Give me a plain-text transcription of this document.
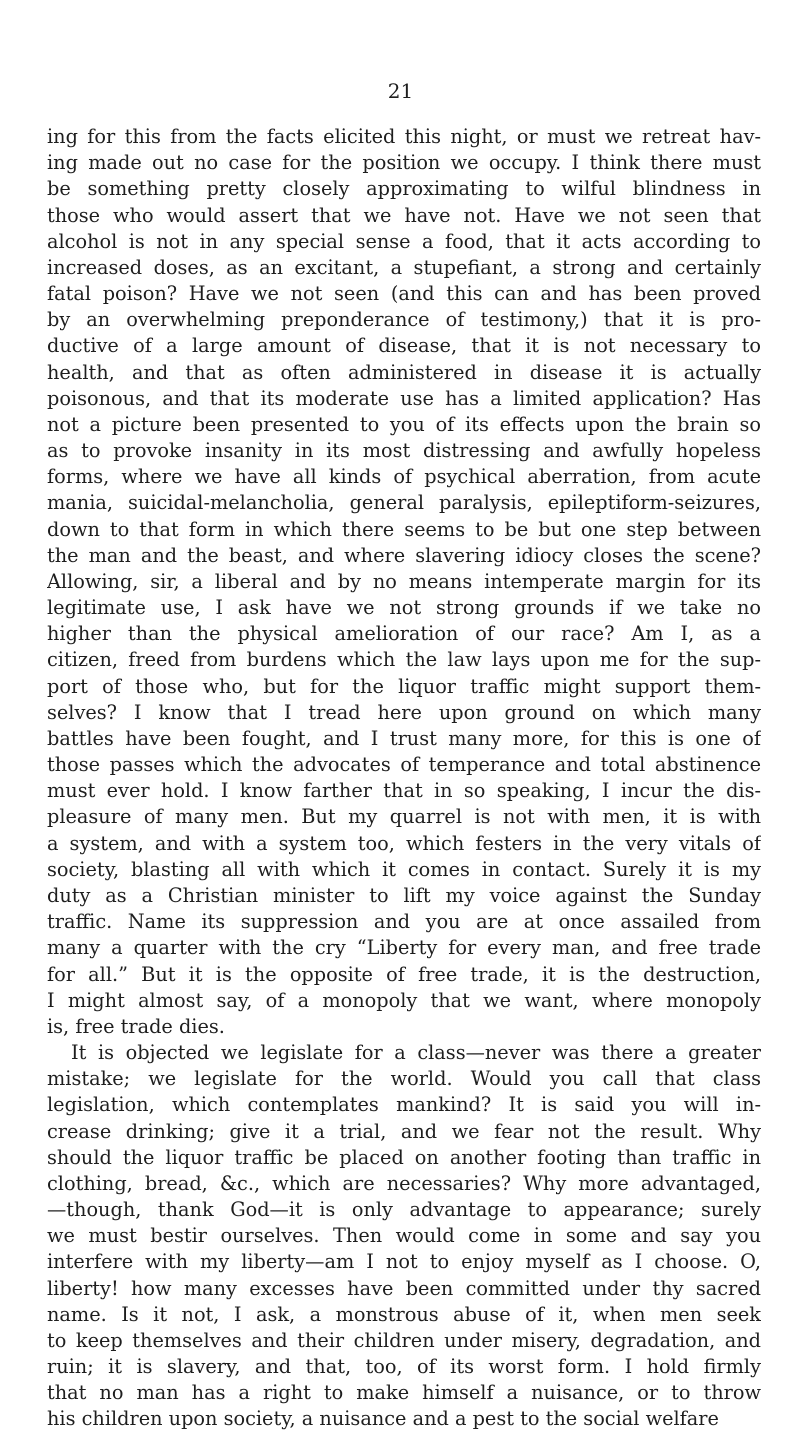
21
ing for this from the facts elicited this night, or must we retreat hav-
ing made out no case for the position we occupy. I think there must
be something pretty closely approximating to wilful blindness in
those who would assert that we have not. Have we not seen that
alcohol is not in any special sense a food, that it acts according to
increased doses, as an excitant, a stupefiant, a strong and certainly
fatal poison? Have we not seen (and this can and has been proved
by an overwhelming preponderance of testimony,) that it is pro-
ductive of a large amount of disease, that it is not necessary to
health, and that as often administered in disease it is actually
poisonous, and that its moderate use has a limited application? Has
not a picture been presented to you of its effects upon the brain so
as to provoke insanity in its most distressing and awfully hopeless
forms, where we have all kinds of psychical aberration, from acute
mania, suicidal-melancholia, general paralysis, epileptiform-seizures,
down to that form in which there seems to be but one step between
the man and the beast, and where slavering idiocy closes the scene?
Allowing, sir, a liberal and by no means intemperate margin for its
legitimate use, I ask have we not strong grounds if we take no
higher than the physical amelioration of our race? Am I, as a
citizen, freed from burdens which the law lays upon me for the sup-
port of those who, but for the liquor traffic might support them-
selves? I know that I tread here upon ground on which many
battles have been fought, and I trust many more, for this is one of
those passes which the advocates of temperance and total abstinence
must ever hold. I know farther that in so speaking, I incur the dis-
pleasure of many men. But my quarrel is not with men, it is with
a system, and with a system too, which festers in the very vitals of
society, blasting all with which it comes in contact. Surely it is my
duty as a Christian minister to lift my voice against the Sunday
traffic. Name its suppression and you are at once assailed from
many a quarter with the cry “Liberty for every man, and free trade
for all.” But it is the opposite of free trade, it is the destruction,
I might almost say, of a monopoly that we want, where monopoly
is, free trade dies.
It is objected we legislate for a class—never was there a greater
mistake; we legislate for the world. Would you call that class
legislation, which contemplates mankind? It is said you will in-
crease drinking; give it a trial, and we fear not the result. Why
should the liquor traffic be placed on another footing than traffic in
clothing, bread, &c., which are necessaries? Why more advantaged,
—though, thank God—it is only advantage to appearance; surely
we must bestir ourselves. Then would come in some and say you
interfere with my liberty—am I not to enjoy myself as I choose. O,
liberty! how many excesses have been committed under thy sacred
name. Is it not, I ask, a monstrous abuse of it, when men seek
to keep themselves and their children under misery, degradation, and
ruin; it is slavery, and that, too, of its worst form. I hold firmly
that no man has a right to make himself a nuisance, or to throw
his children upon society, a nuisance and a pest to the social welfare
